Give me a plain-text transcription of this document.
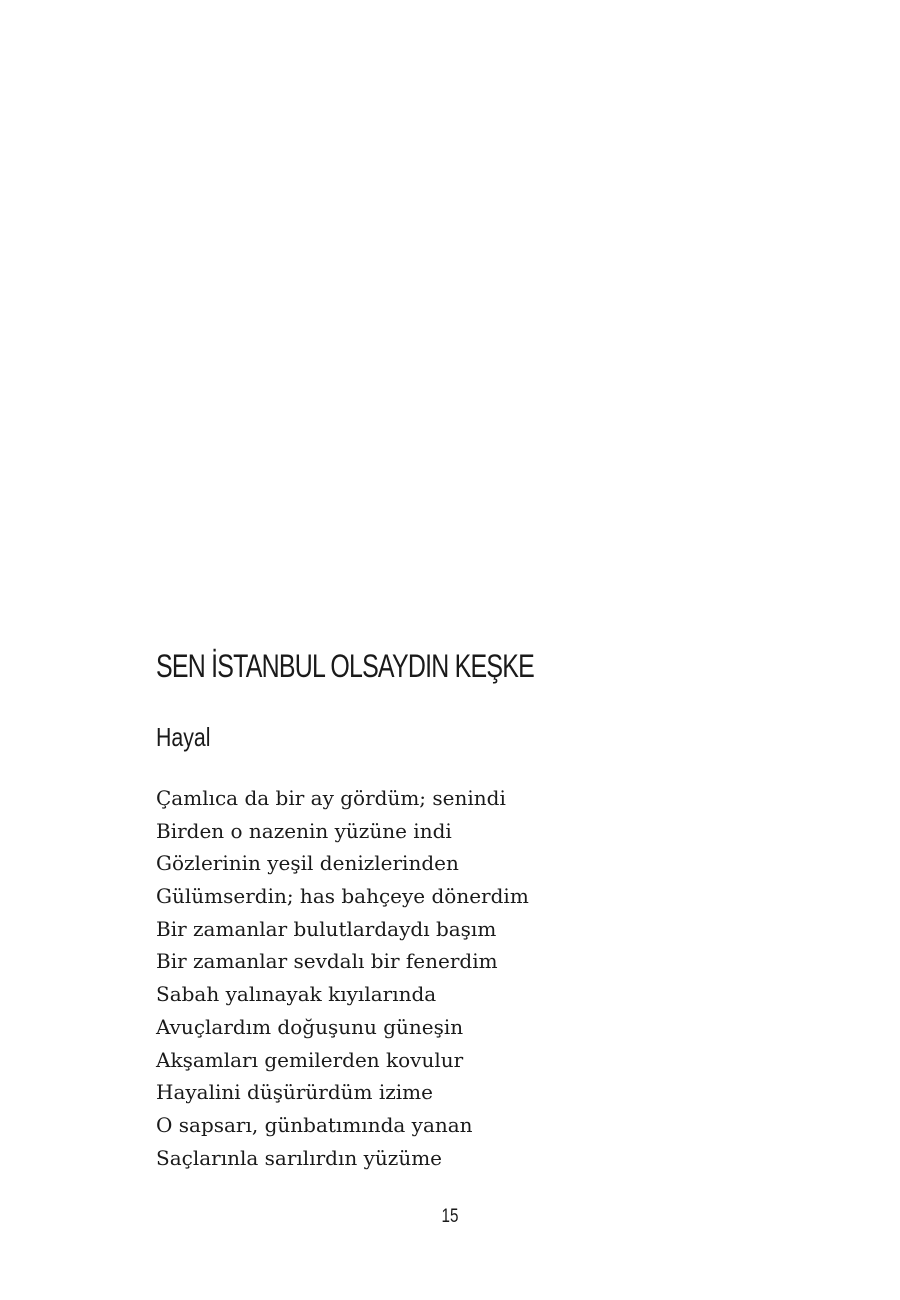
SEN İSTANBUL OLSAYDIN KEŞKE
Hayal
Çamlıca da bir ay gördüm; senindi
Birden o nazenin yüzüne indi
Gözlerinin yeşil denizlerinden
Gülümserdin; has bahçeye dönerdim
Bir zamanlar bulutlardaydı başım
Bir zamanlar sevdalı bir fenerdim
Sabah yalınayak kıyılarında
Avuçlardım doğuşunu güneşin
Akşamları gemilerden kovulur
Hayalini düşürürdüm izime
O sapsarı, günbatımında yanan
Saçlarınla sarılırdın yüzüme
15
